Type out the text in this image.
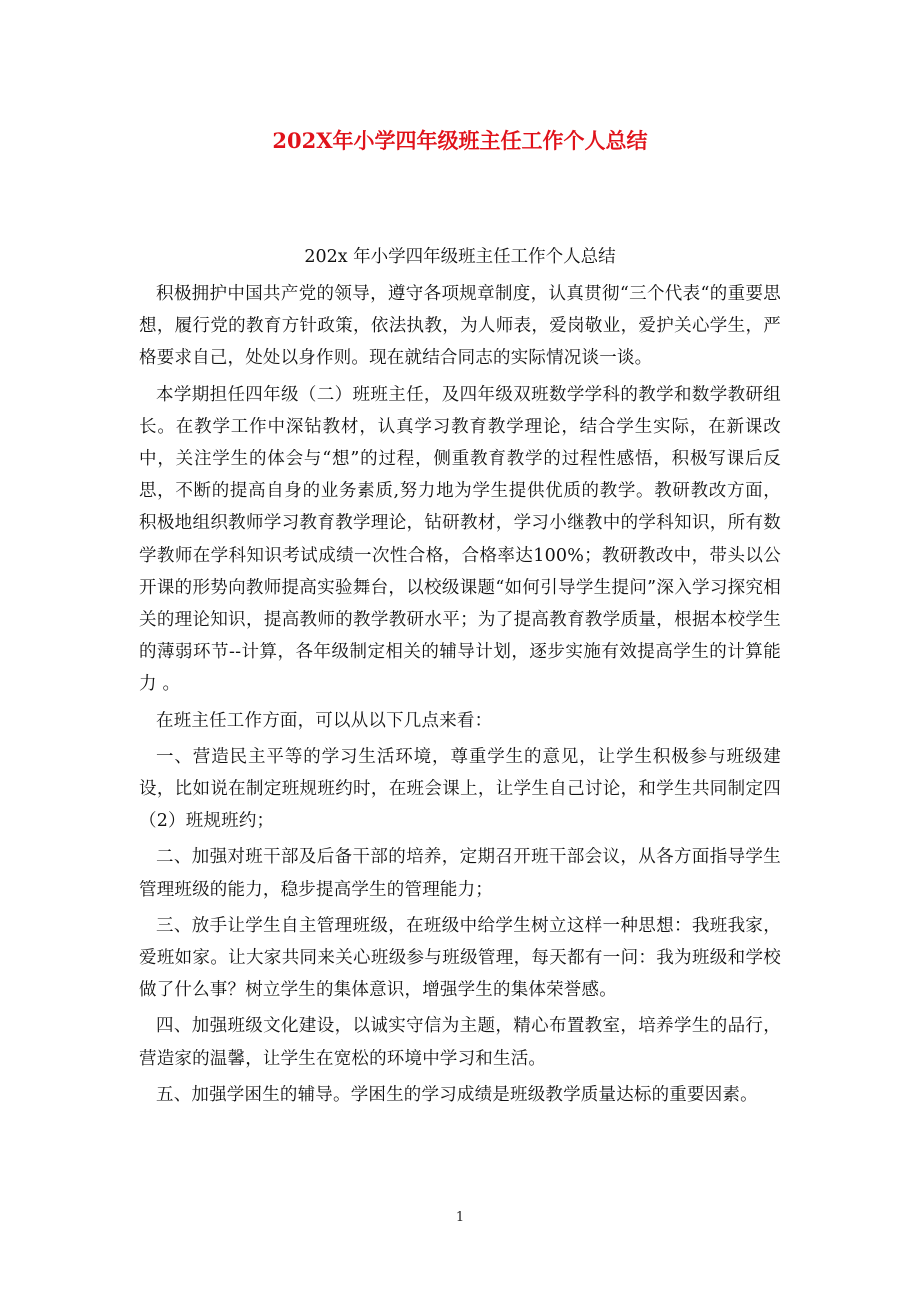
202X年小学四年级班主任工作个人总结
202x 年小学四年级班主任工作个人总结

积极拥护中国共产党的领导，遵守各项规章制度，认真贯彻“三个代表“的重要思想，履行党的教育方针政策，依法执教，为人师表，爱岗敬业，爱护关心学生，严格要求自己，处处以身作则。现在就结合同志的实际情况谈一谈。

本学期担任四年级（二）班班主任，及四年级双班数学学科的教学和数学教研组长。在教学工作中深钻教材，认真学习教育教学理论，结合学生实际，在新课改中，关注学生的体会与“想”的过程，侧重教育教学的过程性感悟，积极写课后反思，不断的提高自身的业务素质,努力地为学生提供优质的教学。教研教改方面，积极地组织教师学习教育教学理论，钻研教材，学习小继教中的学科知识，所有数学教师在学科知识考试成绩一次性合格，合格率达100%；教研教改中，带头以公开课的形势向教师提高实验舞台，以校级课题“如何引导学生提问”深入学习探究相关的理论知识，提高教师的教学教研水平；为了提高教育教学质量，根据本校学生的薄弱环节--计算，各年级制定相关的辅导计划，逐步实施有效提高学生的计算能力 。

在班主任工作方面，可以从以下几点来看：

一、营造民主平等的学习生活环境，尊重学生的意见，让学生积极参与班级建设，比如说在制定班规班约时，在班会课上，让学生自己讨论，和学生共同制定四（2）班规班约；

二、加强对班干部及后备干部的培养，定期召开班干部会议，从各方面指导学生管理班级的能力，稳步提高学生的管理能力；

三、放手让学生自主管理班级，在班级中给学生树立这样一种思想：我班我家，爱班如家。让大家共同来关心班级参与班级管理，每天都有一问：我为班级和学校做了什么事？树立学生的集体意识，增强学生的集体荣誉感。

四、加强班级文化建设，以诚实守信为主题，精心布置教室，培养学生的品行，营造家的温馨，让学生在宽松的环境中学习和生活。

五、加强学困生的辅导。学困生的学习成绩是班级教学质量达标的重要因素。

1
